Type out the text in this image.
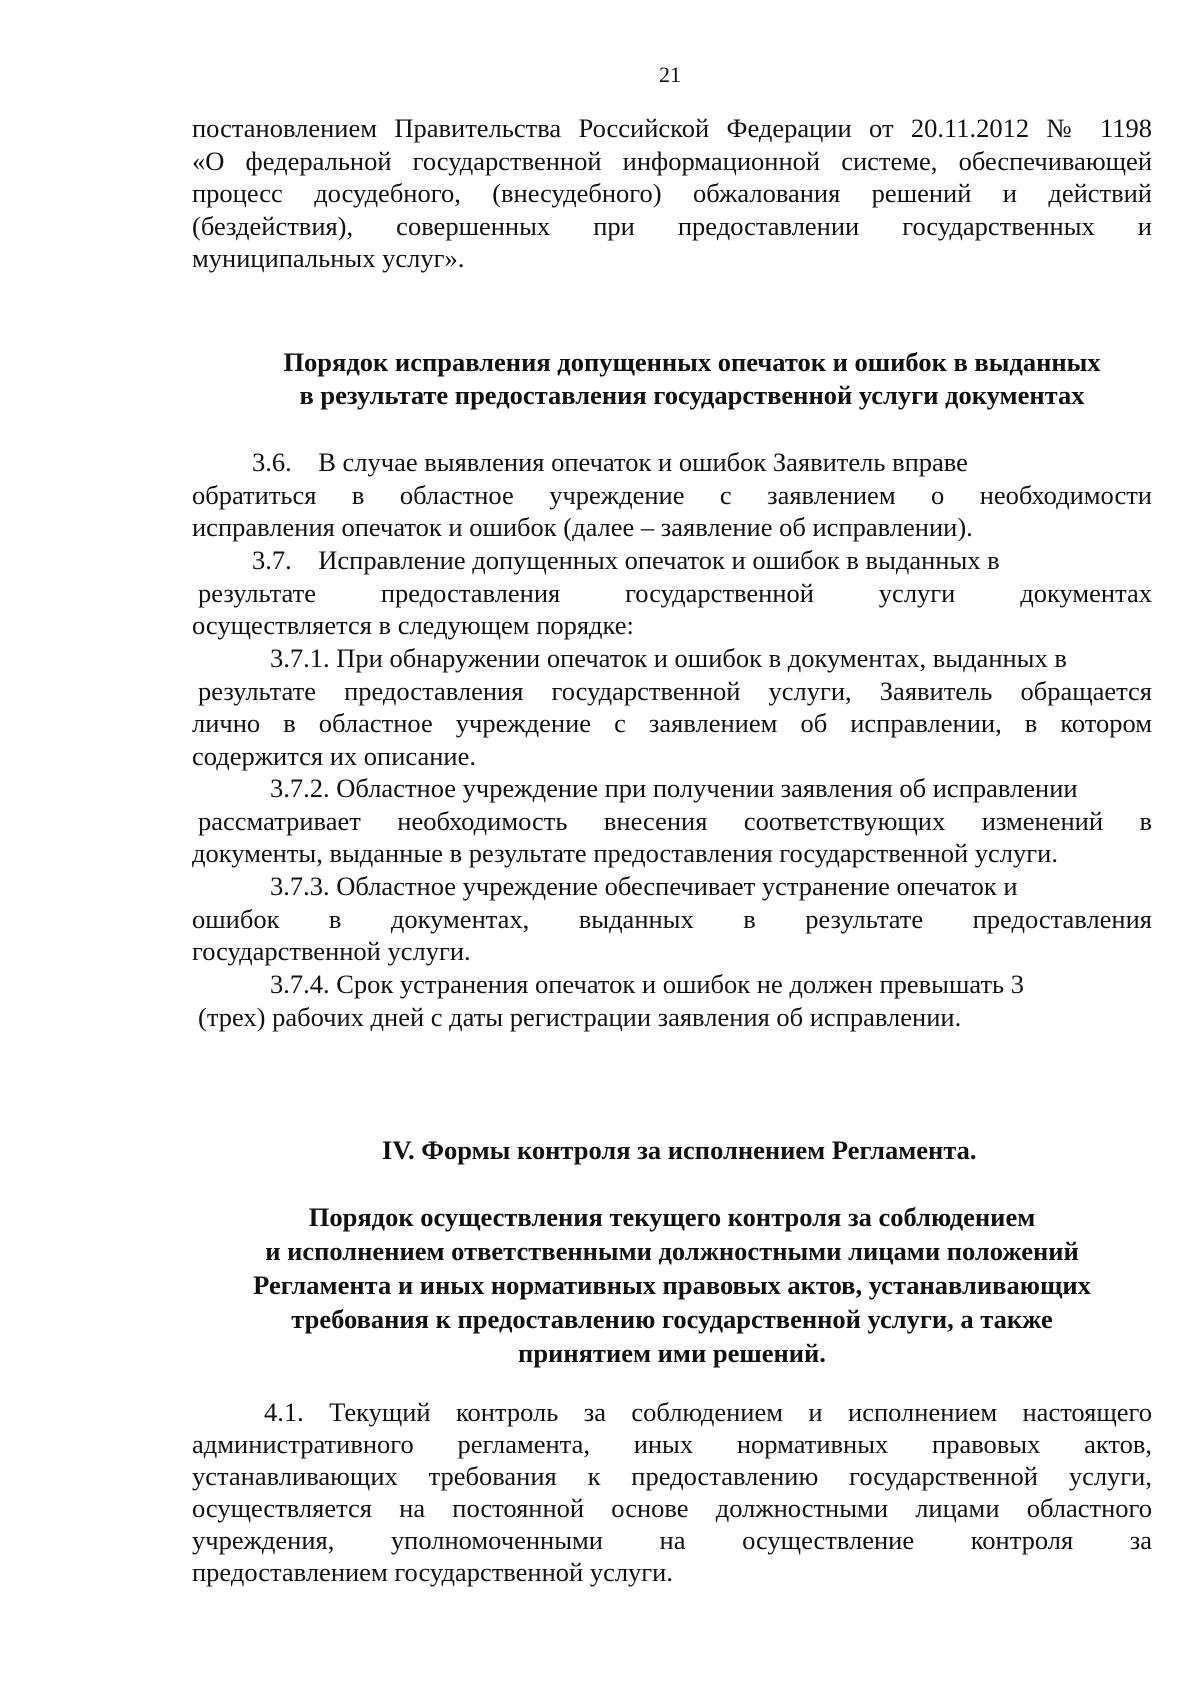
21
постановлением Правительства Российской Федерации от 20.11.2012 № 1198
«О федеральной государственной информационной системе, обеспечивающей
процесс досудебного, (внесудебного) обжалования решений и действий
(бездействия), совершенных при предоставлении государственных и
муниципальных услуг».
Порядок исправления допущенных опечаток и ошибок в выданных
в результате предоставления государственной услуги документах
3.6.    В случае выявления опечаток и ошибок Заявитель вправе
обратиться в областное учреждение с заявлением о необходимости
исправления опечаток и ошибок (далее – заявление об исправлении).
3.7.    Исправление допущенных опечаток и ошибок в выданных в
результате предоставления государственной услуги документах
осуществляется в следующем порядке:
3.7.1. При обнаружении опечаток и ошибок в документах, выданных в
результате предоставления государственной услуги, Заявитель обращается
лично в областное учреждение с заявлением об исправлении, в котором
содержится их описание.
3.7.2. Областное учреждение при получении заявления об исправлении
рассматривает необходимость внесения соответствующих изменений в
документы, выданные в результате предоставления государственной услуги.
3.7.3. Областное учреждение обеспечивает устранение опечаток и
ошибок в документах, выданных в результате предоставления
государственной услуги.
3.7.4. Срок устранения опечаток и ошибок не должен превышать 3
(трех) рабочих дней с даты регистрации заявления об исправлении.
IV. Формы контроля за исполнением Регламента.
Порядок осуществления текущего контроля за соблюдением
и исполнением ответственными должностными лицами положений
Регламента и иных нормативных правовых актов, устанавливающих
требования к предоставлению государственной услуги, а также
принятием ими решений.
4.1. Текущий контроль за соблюдением и исполнением настоящего
административного регламента, иных нормативных правовых актов,
устанавливающих требования к предоставлению государственной услуги,
осуществляется на постоянной основе должностными лицами областного
учреждения, уполномоченными на осуществление контроля за
предоставлением государственной услуги.
